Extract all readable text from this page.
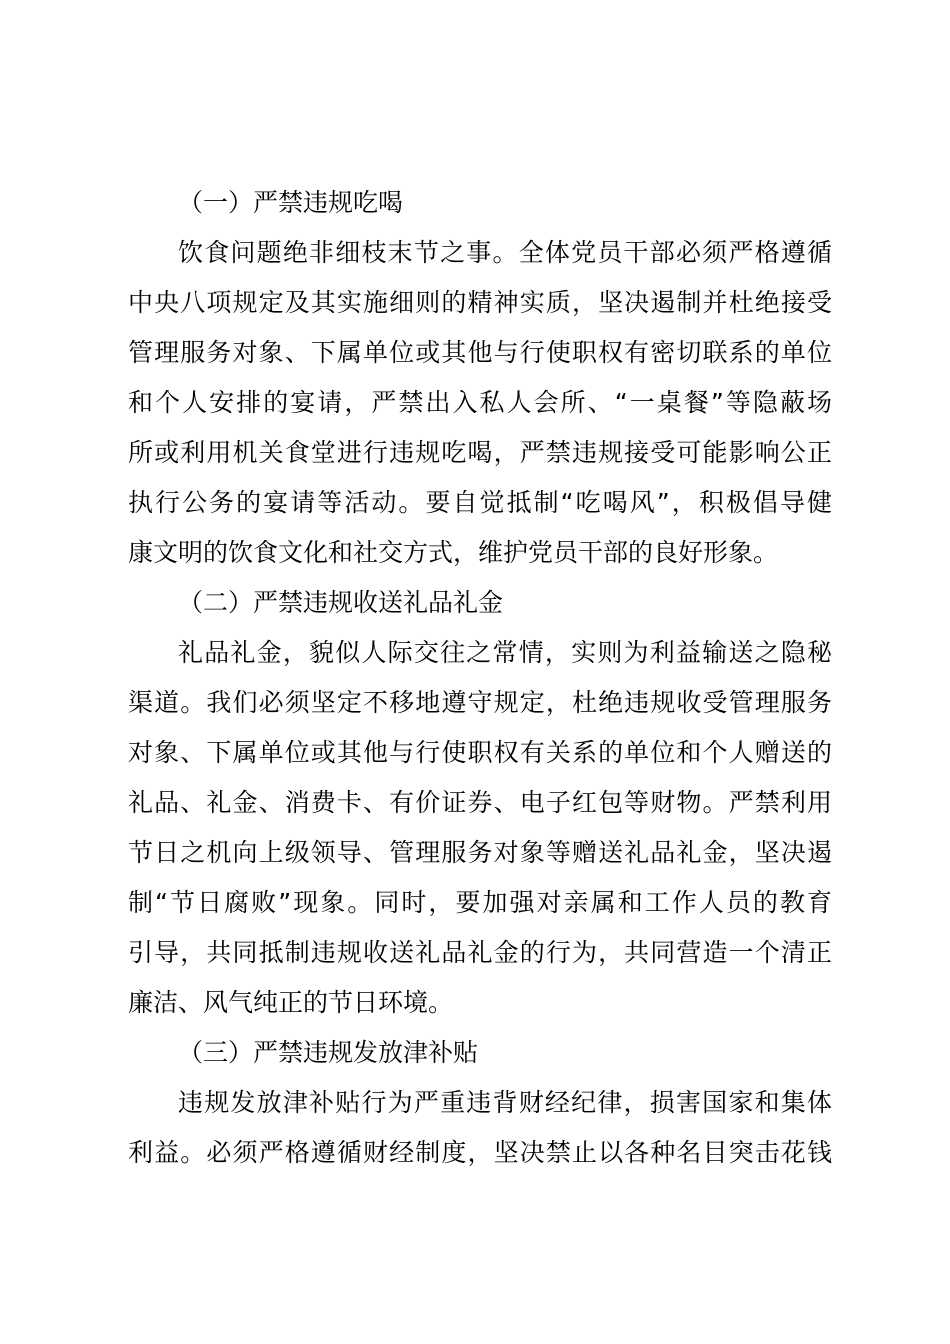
（一）严禁违规吃喝
饮食问题绝非细枝末节之事。全体党员干部必须严格遵循
中央八项规定及其实施细则的精神实质，坚决遏制并杜绝接受
管理服务对象、下属单位或其他与行使职权有密切联系的单位
和个人安排的宴请，严禁出入私人会所、“一桌餐”等隐蔽场
所或利用机关食堂进行违规吃喝，严禁违规接受可能影响公正
执行公务的宴请等活动。要自觉抵制“吃喝风”，积极倡导健
康文明的饮食文化和社交方式，维护党员干部的良好形象。
（二）严禁违规收送礼品礼金
礼品礼金，貌似人际交往之常情，实则为利益输送之隐秘
渠道。我们必须坚定不移地遵守规定，杜绝违规收受管理服务
对象、下属单位或其他与行使职权有关系的单位和个人赠送的
礼品、礼金、消费卡、有价证券、电子红包等财物。严禁利用
节日之机向上级领导、管理服务对象等赠送礼品礼金，坚决遏
制“节日腐败”现象。同时，要加强对亲属和工作人员的教育
引导，共同抵制违规收送礼品礼金的行为，共同营造一个清正
廉洁、风气纯正的节日环境。
（三）严禁违规发放津补贴
违规发放津补贴行为严重违背财经纪律，损害国家和集体
利益。必须严格遵循财经制度，坚决禁止以各种名目突击花钱
